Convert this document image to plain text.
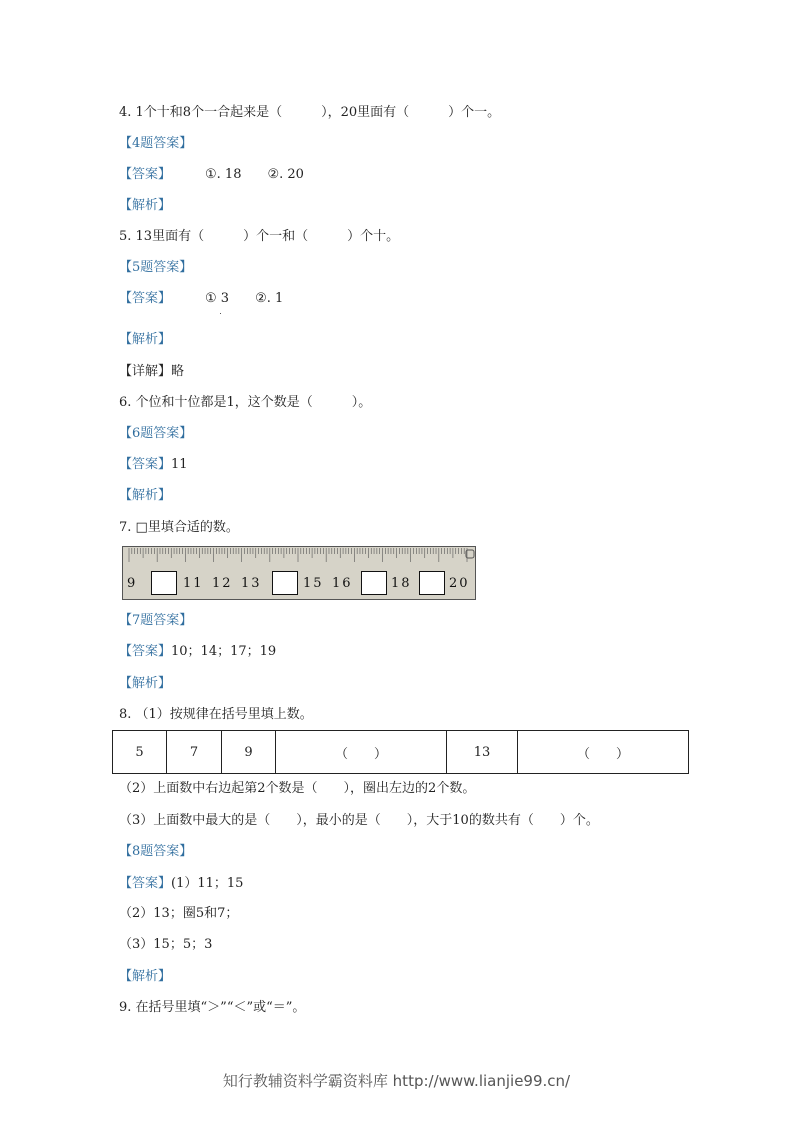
4. 1个十和8个一合起来是（　　　），20里面有（　　　）个一。
【4题答案】
【答案】	①. 18 ②. 20
【解析】
5. 13里面有（　　　）个一和（　　　）个十。
【5题答案】
【答案】	① 3 ②. 1
【解析】
【详解】略
6. 个位和十位都是1，这个数是（　　　）。
【6题答案】
【答案】11
【解析】
7. □里填合适的数。
9	11 12 13	15 16	18	20
【7题答案】
【答案】10；14；17；19
【解析】
8. （1）按规律在括号里填上数。
5	7	9	（　　）	13	（　　）
（2）上面数中右边起第2个数是（　　），圈出左边的2个数。
（3）上面数中最大的是（　　），最小的是（　　），大于10的数共有（　　）个。
【8题答案】
【答案】(1）11；15
（2）13；圈5和7；
（3）15；5；3
【解析】
9. 在括号里填“＞”“＜”或“＝”。
知行教辅资料学霸资料库 http://www.lianjie99.cn/
